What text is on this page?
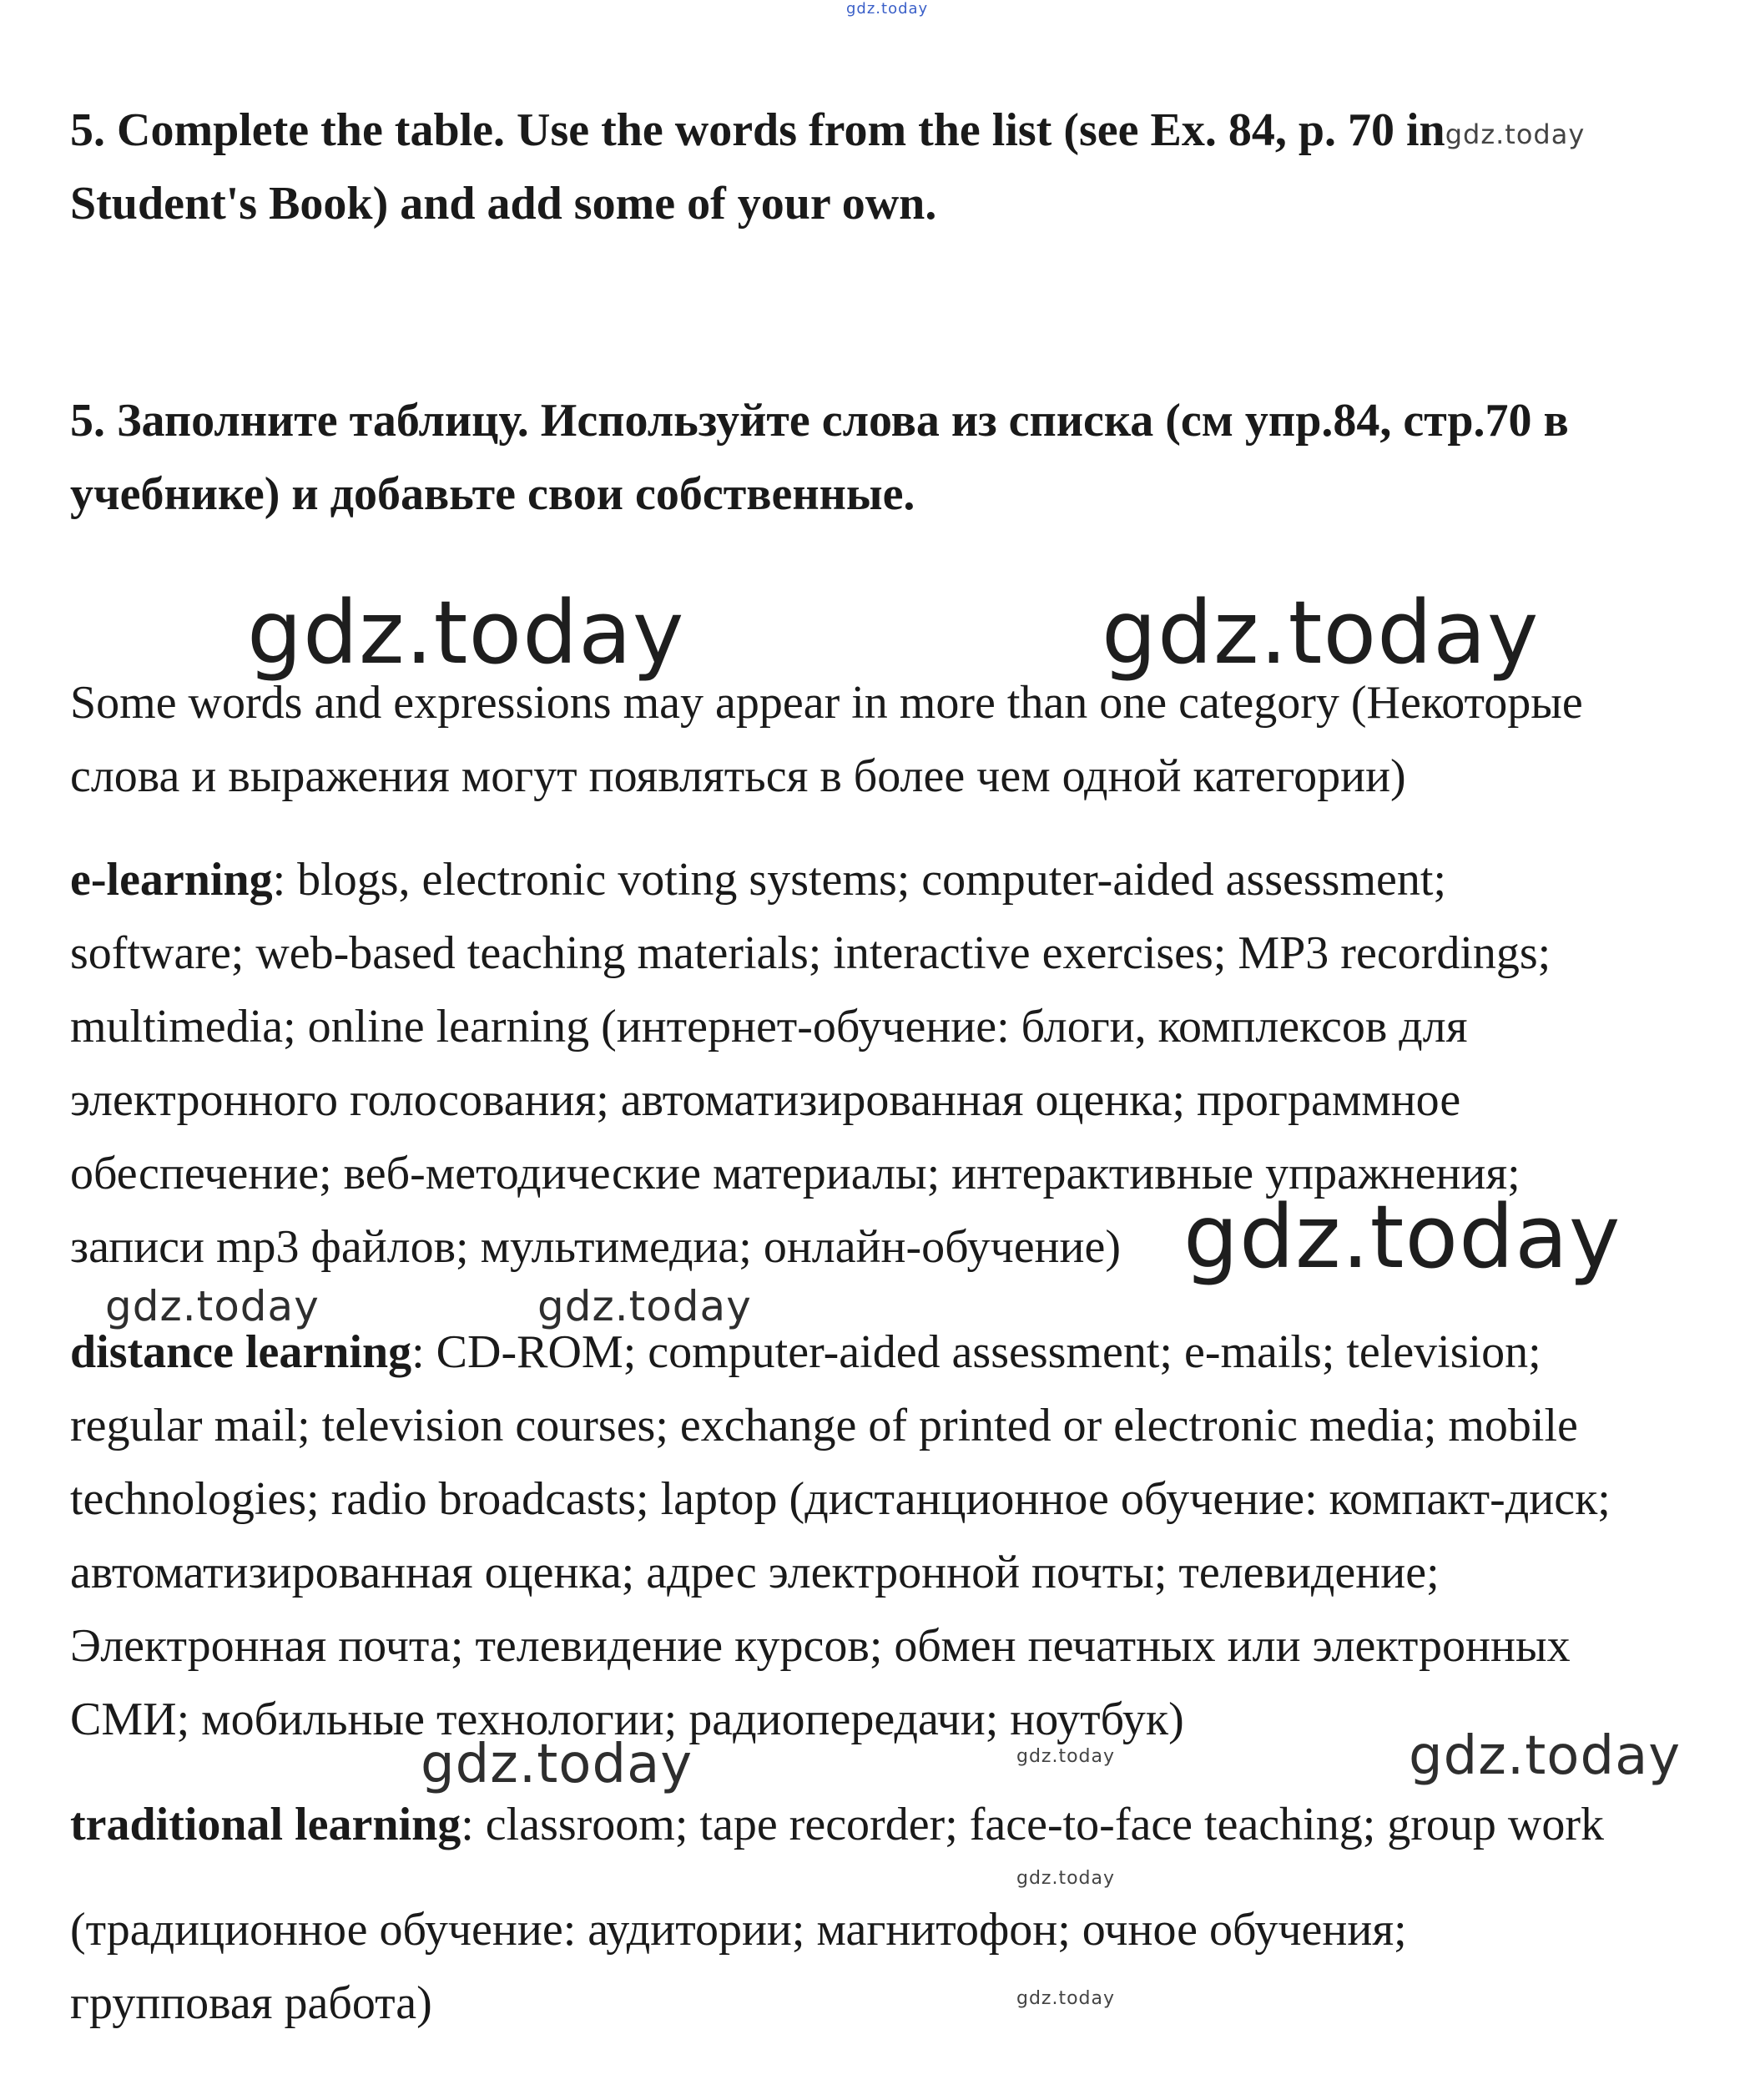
gdz.today

5. Complete the table. Use the words from the list (see Ex. 84, p. 70 ingdz.today
Student's Book) and add some of your own.

5. Заполните таблицу. Используйте слова из списка (см упр.84, стр.70 в
учебнике) и добавьте свои собственные.

gdz.today	gdz.today

Some words and expressions may appear in more than one category (Некоторые
слова и выражения могут появляться в более чем одной категории)

e-learning: blogs, electronic voting systems; computer-aided assessment;
software; web-based teaching materials; interactive exercises; MP3 recordings;
multimedia; online learning (интернет-обучение: блоги, комплексов для
электронного голосования; автоматизированная оценка; программное
обеспечение; веб-методические материалы; интерактивные упражнения;
записи mp3 файлов; мультимедиа; онлайн-обучение) gdz.today
gdz.today	gdz.today

distance learning: CD-ROM; computer-aided assessment; e-mails; television;
regular mail; television courses; exchange of printed or electronic media; mobile
technologies; radio broadcasts; laptop (дистанционное обучение: компакт-диск;
автоматизированная оценка; адрес электронной почты; телевидение;
Электронная почта; телевидение курсов; обмен печатных или электронных
СМИ; мобильные технологии; радиопередачи; ноутбук)

gdz.today	gdz.today	gdz.today

traditional learning: classroom; tape recorder; face-to-face teaching; group work

gdz.today

(традиционное обучение: аудитории; магнитофон; очное обучения;
групповая работа)	gdz.today
